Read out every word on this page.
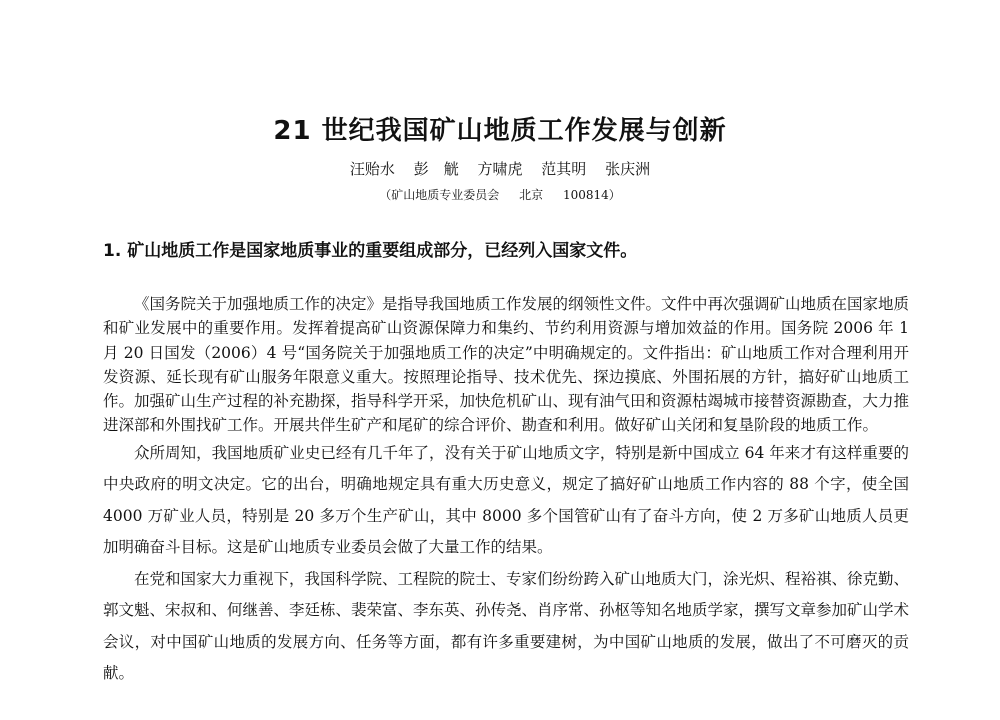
21 世纪我国矿山地质工作发展与创新
汪贻水 彭　觥 方啸虎 范其明 张庆洲
（矿山地质专业委员会 北京 100814）
1. 矿山地质工作是国家地质事业的重要组成部分，已经列入国家文件。

《国务院关于加强地质工作的决定》是指导我国地质工作发展的纲领性文件。文件中再次强调矿山地质在国家地质和矿业发展中的重要作用。发挥着提高矿山资源保障力和集约、节约利用资源与增加效益的作用。国务院 2006 年 1 月 20 日国发（2006）4 号“国务院关于加强地质工作的决定”中明确规定的。文件指出：矿山地质工作对合理利用开发资源、延长现有矿山服务年限意义重大。按照理论指导、技术优先、探边摸底、外围拓展的方针，搞好矿山地质工作。加强矿山生产过程的补充勘探，指导科学开采，加快危机矿山、现有油气田和资源枯竭城市接替资源勘查，大力推进深部和外围找矿工作。开展共伴生矿产和尾矿的综合评价、勘查和利用。做好矿山关闭和复垦阶段的地质工作。

众所周知，我国地质矿业史已经有几千年了，没有关于矿山地质文字，特别是新中国成立 64 年来才有这样重要的中央政府的明文决定。它的出台，明确地规定具有重大历史意义，规定了搞好矿山地质工作内容的 88 个字，使全国 4000 万矿业人员，特别是 20 多万个生产矿山，其中 8000 多个国管矿山有了奋斗方向，使 2 万多矿山地质人员更加明确奋斗目标。这是矿山地质专业委员会做了大量工作的结果。

在党和国家大力重视下，我国科学院、工程院的院士、专家们纷纷跨入矿山地质大门，涂光炽、程裕祺、徐克勤、郭文魁、宋叔和、何继善、李廷栋、裴荣富、李东英、孙传尧、肖序常、孙枢等知名地质学家，撰写文章参加矿山学术会议，对中国矿山地质的发展方向、任务等方面，都有许多重要建树，为中国矿山地质的发展，做出了不可磨灭的贡献。
